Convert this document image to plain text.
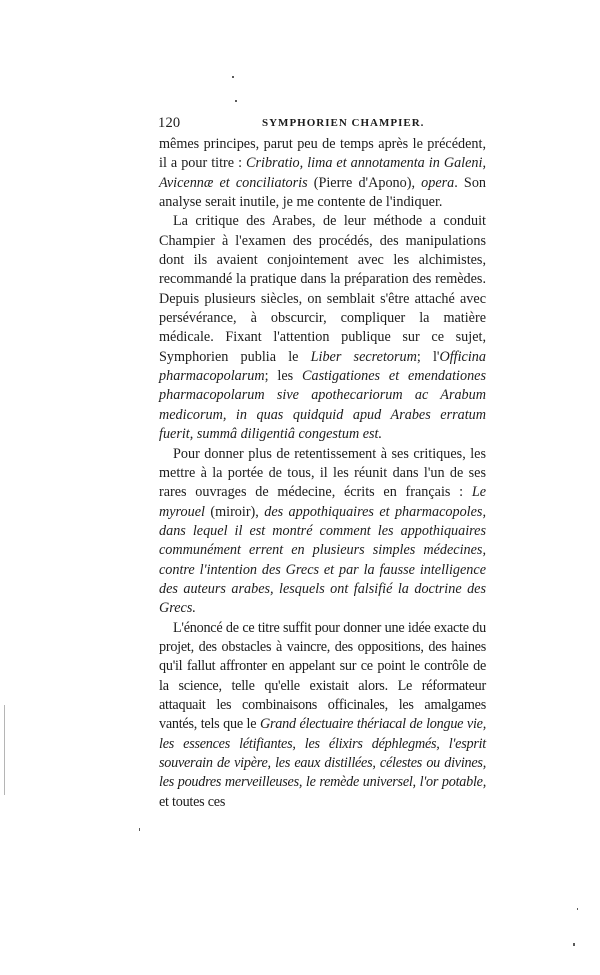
120	SYMPHORIEN CHAMPIER.

mêmes principes, parut peu de temps après le précédent, il a pour titre : Cribratio, lima et annotamenta in Galeni, Avicennæ et conciliatoris (Pierre d'Apono), opera. Son analyse serait inutile, je me contente de l'indiquer.

La critique des Arabes, de leur méthode a conduit Champier à l'examen des procédés, des manipulations dont ils avaient conjointement avec les alchimistes, recommandé la pratique dans la préparation des remèdes. Depuis plusieurs siècles, on semblait s'être attaché avec persévérance, à obscurcir, compliquer la matière médicale. Fixant l'attention publique sur ce sujet, Symphorien publia le Liber secretorum; l'Officina pharmacopolarum; les Castigationes et emendationes pharmacopolarum sive apothecariorum ac Arabum medicorum, in quas quidquid apud Arabes erratum fuerit, summâ diligentiâ congestum est.

Pour donner plus de retentissement à ses critiques, les mettre à la portée de tous, il les réunit dans l'un de ses rares ouvrages de médecine, écrits en français : Le myrouel (miroir), des appothiquaires et pharmacopoles, dans lequel il est montré comment les appothiquaires communément errent en plusieurs simples médecines, contre l'intention des Grecs et par la fausse intelligence des auteurs arabes, lesquels ont falsifié la doctrine des Grecs.

L'énoncé de ce titre suffit pour donner une idée exacte du projet, des obstacles à vaincre, des oppositions, des haines qu'il fallut affronter en appelant sur ce point le contrôle de la science, telle qu'elle existait alors. Le réformateur attaquait les combinaisons officinales, les amalgames vantés, tels que le Grand électuaire thériacal de longue vie, les essences létifiantes, les élixirs déphlegmés, l'esprit souverain de vipère, les eaux distillées, célestes ou divines, les poudres merveilleuses, le remède universel, l'or potable, et toutes ces
